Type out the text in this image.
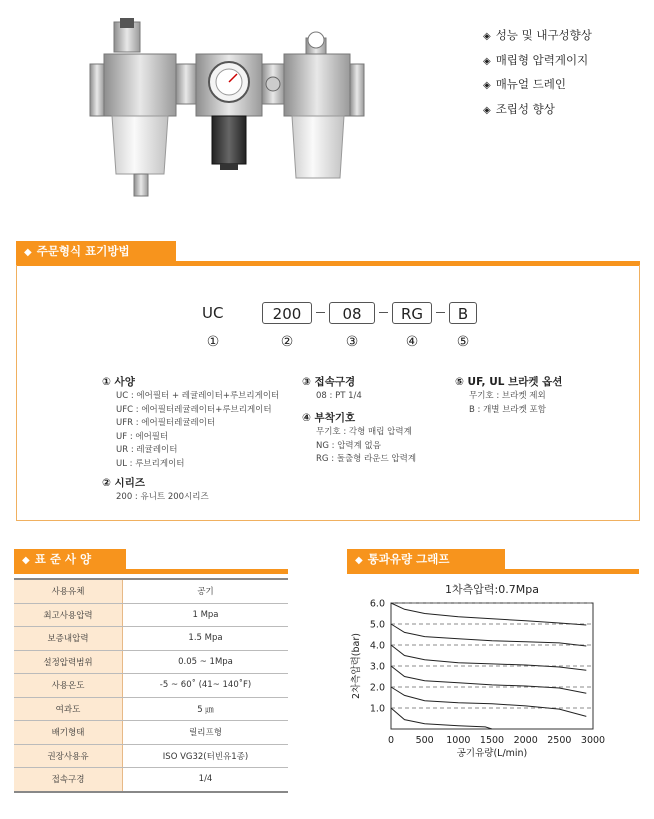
◈ 성능 및 내구성향상
◈ 매립형 압력게이지
◈ 매뉴얼 드레인
◈ 조립성 향상
◆ 주문형식 표기방법
UC	200	08	RG	B
①	②	③	④	⑤
① 사양
UC : 에어필터 + 레귤레이터+루브리게이터
UFC : 에어필터레귤레이터+루브리게이터
UFR : 에어필터레귤레이터
UF : 에어필터
UR : 레귤레이터
UL : 루브리게이터
② 시리즈
200 : 유니트 200시리즈
③ 접속구경
08 : PT 1/4
④ 부착기호
무기호 : 각형 매립 압력계
NG : 압력계 없음
RG : 돌출형 라운드 압력계
⑤ UF, UL 브라켓 옵션
무기호 : 브라켓 제외
B : 개별 브라켓 포함
◆ 표 준 사 양
사용유체	공기
최고사용압력	1 Mpa
보증내압력	1.5 Mpa
설정압력범위	0.05 ~ 1Mpa
사용온도	-5 ~ 60˚ (41~ 140˚F)
여과도	5 ㎛
배기형태	릴리프형
권장사용유	ISO VG32(터빈유1종)
접속구경	1/4
◆ 통과유량 그래프
1차측압력:0.7Mpa
1.0
2.0
3.0
4.0
5.0
6.0
0 500 1000 1500 2000 2500 3000
공기유량(L/min)
2차측압력(bar)
